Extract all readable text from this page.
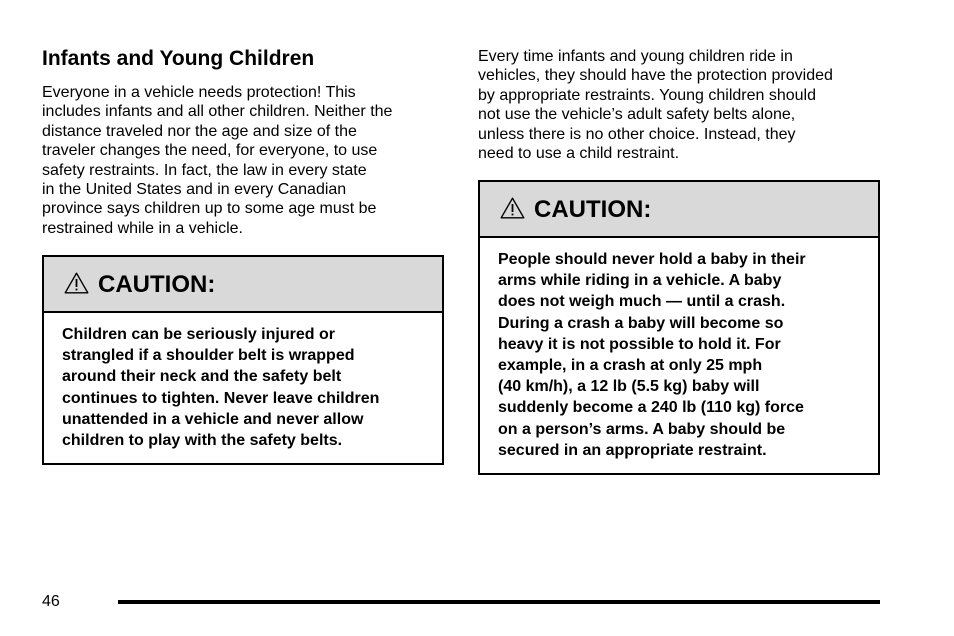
Infants and Young Children

Everyone in a vehicle needs protection! This
includes infants and all other children. Neither the
distance traveled nor the age and size of the
traveler changes the need, for everyone, to use
safety restraints. In fact, the law in every state
in the United States and in every Canadian
province says children up to some age must be
restrained while in a vehicle.

CAUTION:

Children can be seriously injured or
strangled if a shoulder belt is wrapped
around their neck and the safety belt
continues to tighten. Never leave children
unattended in a vehicle and never allow
children to play with the safety belts.

Every time infants and young children ride in
vehicles, they should have the protection provided
by appropriate restraints. Young children should
not use the vehicle’s adult safety belts alone,
unless there is no other choice. Instead, they
need to use a child restraint.

CAUTION:

People should never hold a baby in their
arms while riding in a vehicle. A baby
does not weigh much — until a crash.
During a crash a baby will become so
heavy it is not possible to hold it. For
example, in a crash at only 25 mph
(40 km/h), a 12 lb (5.5 kg) baby will
suddenly become a 240 lb (110 kg) force
on a person’s arms. A baby should be
secured in an appropriate restraint.

46
